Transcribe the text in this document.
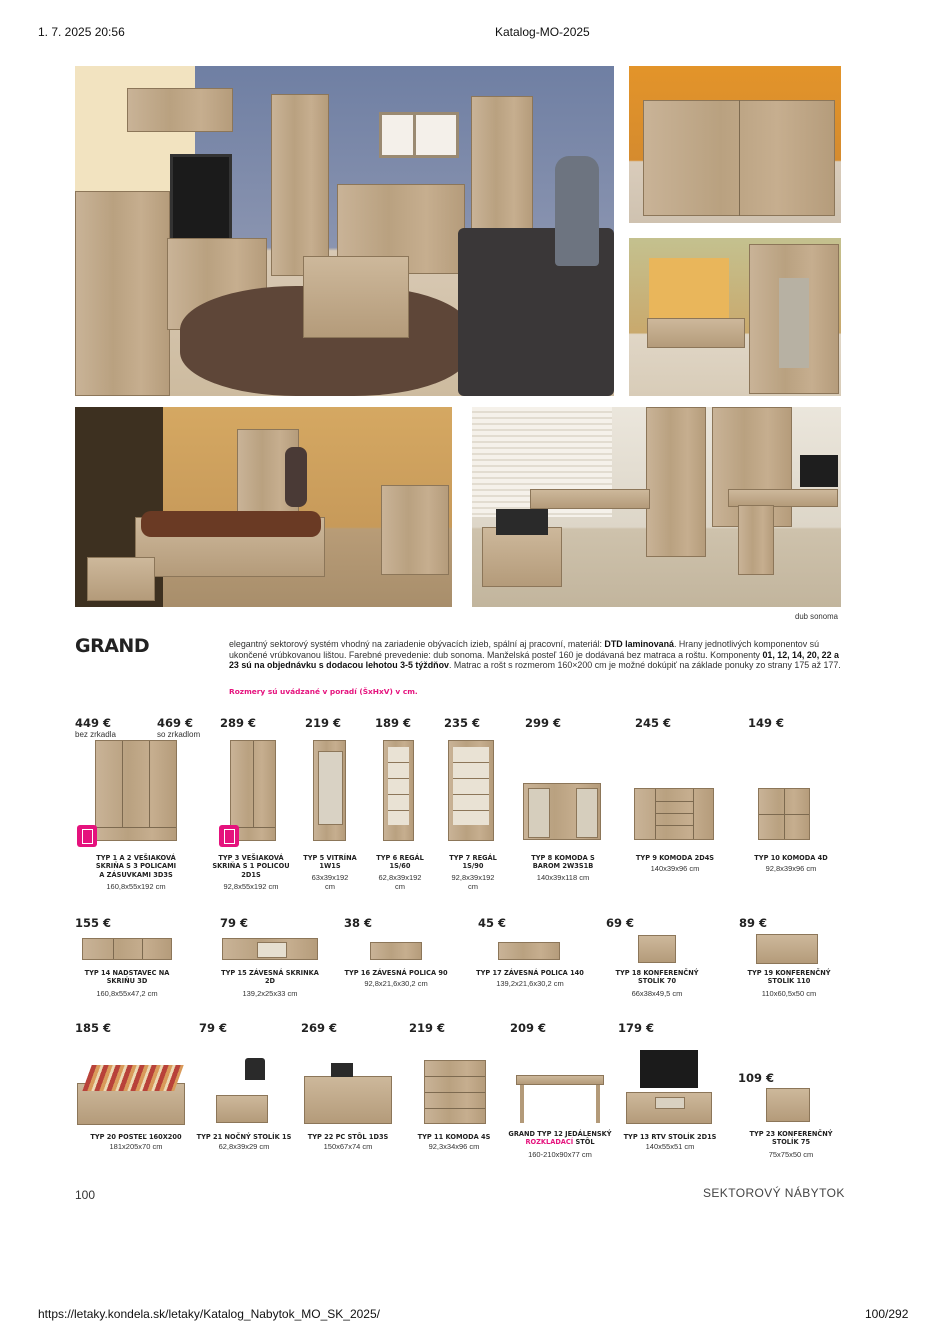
1. 7. 2025 20:56	Katalog-MO-2025
dub sonoma
GRAND	elegantný sektorový systém vhodný na zariadenie obývacích izieb, spální aj pracovní, materiál: DTD laminovaná. Hrany jednotlivých komponentov sú ukončené vrúbkovanou lištou. Farebné prevedenie: dub sonoma. Manželská posteľ 160 je dodávaná bez matraca a roštu. Komponenty 01, 12, 14, 20, 22 a 23 sú na objednávku s dodacou lehotou 3-5 týždňov. Matrac a rošt s rozmerom 160×200 cm je možné dokúpiť na základe ponuky zo strany 175 až 177.
Rozmery sú uvádzané v poradí (ŠxHxV) v cm.
449 €
bez zrkadla
469 €
so zrkadlom
TYP 1 A 2 VEŠIAKOVÁ
SKRIŇA S 3 POLICAMI
A ZÁSUVKAMI 3D3S
160,8x55x192 cm
289 €
TYP 3 VEŠIAKOVÁ
SKRIŇA S 1 POLICOU
2D1S
92,8x55x192 cm
219 €
TYP 5 VITRÍNA
1W1S
63x39x192
cm
189 €
TYP 6 REGÁL
1S/60
62,8x39x192
cm
235 €
TYP 7 REGÁL
1S/90
92,8x39x192
cm
299 €
TYP 8 KOMODA S
BAROM 2W3S1B
140x39x118 cm
245 €
TYP 9 KOMODA 2D4S
140x39x96 cm
149 €
TYP 10 KOMODA 4D
92,8x39x96 cm
155 €
TYP 14 NADSTAVEC NA
SKRIŇU 3D
160,8x55x47,2 cm
79 €
TYP 15 ZÁVESNÁ SKRINKA
2D
139,2x25x33 cm
38 €
TYP 16 ZÁVESNÁ POLICA 90
92,8x21,6x30,2 cm
45 €
TYP 17 ZÁVESNÁ POLICA 140
139,2x21,6x30,2 cm
69 €
TYP 18 KONFERENČNÝ
STOLÍK 70
66x38x49,5 cm
89 €
TYP 19 KONFERENČNÝ
STOLÍK 110
110x60,5x50 cm
185 €
TYP 20 POSTEĽ 160X200
181x205x70 cm
79 €
TYP 21 NOČNÝ STOLÍK 1S
62,8x39x29 cm
269 €
TYP 22 PC STÔL 1D3S
150x67x74 cm
219 €
TYP 11 KOMODA 4S
92,3x34x96 cm
209 €
GRAND TYP 12 JEDÁLENSKÝ
ROZKLADACÍ STÔL
160-210x90x77 cm
179 €
TYP 13 RTV STOLÍK 2D1S
140x55x51 cm
109 €
TYP 23 KONFERENČNÝ
STOLÍK 75
75x75x50 cm
100	SEKTOROVÝ NÁBYTOK
https://letaky.kondela.sk/letaky/Katalog_Nabytok_MO_SK_2025/	100/292
